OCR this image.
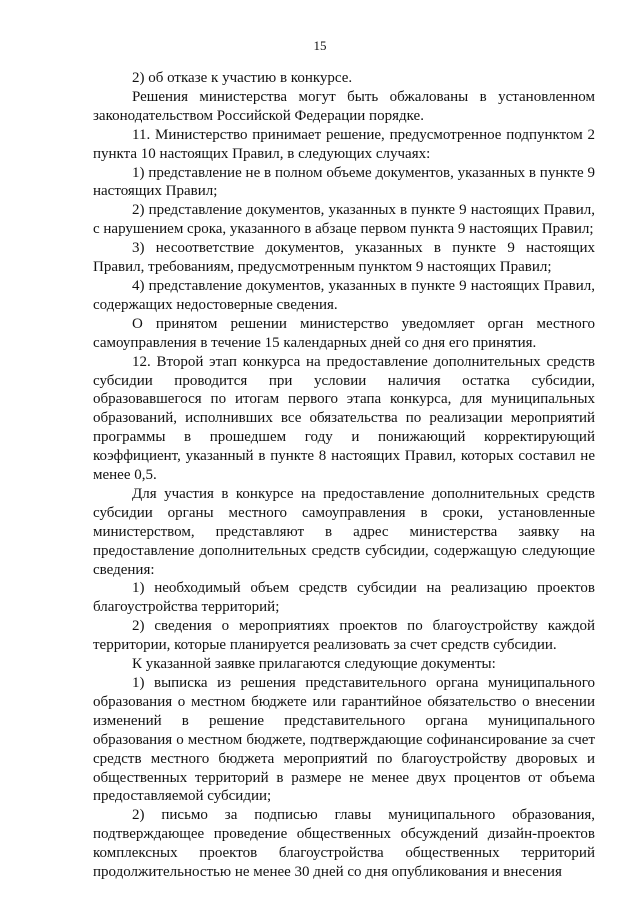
15

2) об отказе к участию в конкурсе.

Решения министерства могут быть обжалованы в установленном законодательством Российской Федерации порядке.

11. Министерство принимает решение, предусмотренное подпунктом 2 пункта 10 настоящих Правил, в следующих случаях:

1) представление не в полном объеме документов, указанных в пункте 9 настоящих Правил;

2) представление документов, указанных в пункте 9 настоящих Правил, с нарушением срока, указанного в абзаце первом пункта 9 настоящих Правил;

3) несоответствие документов, указанных в пункте 9 настоящих Правил, требованиям, предусмотренным пунктом 9 настоящих Правил;

4) представление документов, указанных в пункте 9 настоящих Правил, содержащих недостоверные сведения.

О принятом решении министерство уведомляет орган местного самоуправления в течение 15 календарных дней со дня его принятия.

12. Второй этап конкурса на предоставление дополнительных средств субсидии проводится при условии наличия остатка субсидии, образовавшегося по итогам первого этапа конкурса, для муниципальных образований, исполнивших все обязательства по реализации мероприятий программы в прошедшем году и понижающий корректирующий коэффициент, указанный в пункте 8 настоящих Правил, которых составил не менее 0,5.

Для участия в конкурсе на предоставление дополнительных средств субсидии органы местного самоуправления в сроки, установленные министерством, представляют в адрес министерства заявку на предоставление дополнительных средств субсидии, содержащую следующие сведения:

1) необходимый объем средств субсидии на реализацию проектов благоустройства территорий;

2) сведения о мероприятиях проектов по благоустройству каждой территории, которые планируется реализовать за счет средств субсидии.

К указанной заявке прилагаются следующие документы:

1) выписка из решения представительного органа муниципального образования о местном бюджете или гарантийное обязательство о внесении изменений в решение представительного органа муниципального образования о местном бюджете, подтверждающие софинансирование за счет средств местного бюджета мероприятий по благоустройству дворовых и общественных территорий в размере не менее двух процентов от объема предоставляемой субсидии;

2) письмо за подписью главы муниципального образования, подтверждающее проведение общественных обсуждений дизайн-проектов комплексных проектов благоустройства общественных территорий продолжительностью не менее 30 дней со дня опубликования и внесения
